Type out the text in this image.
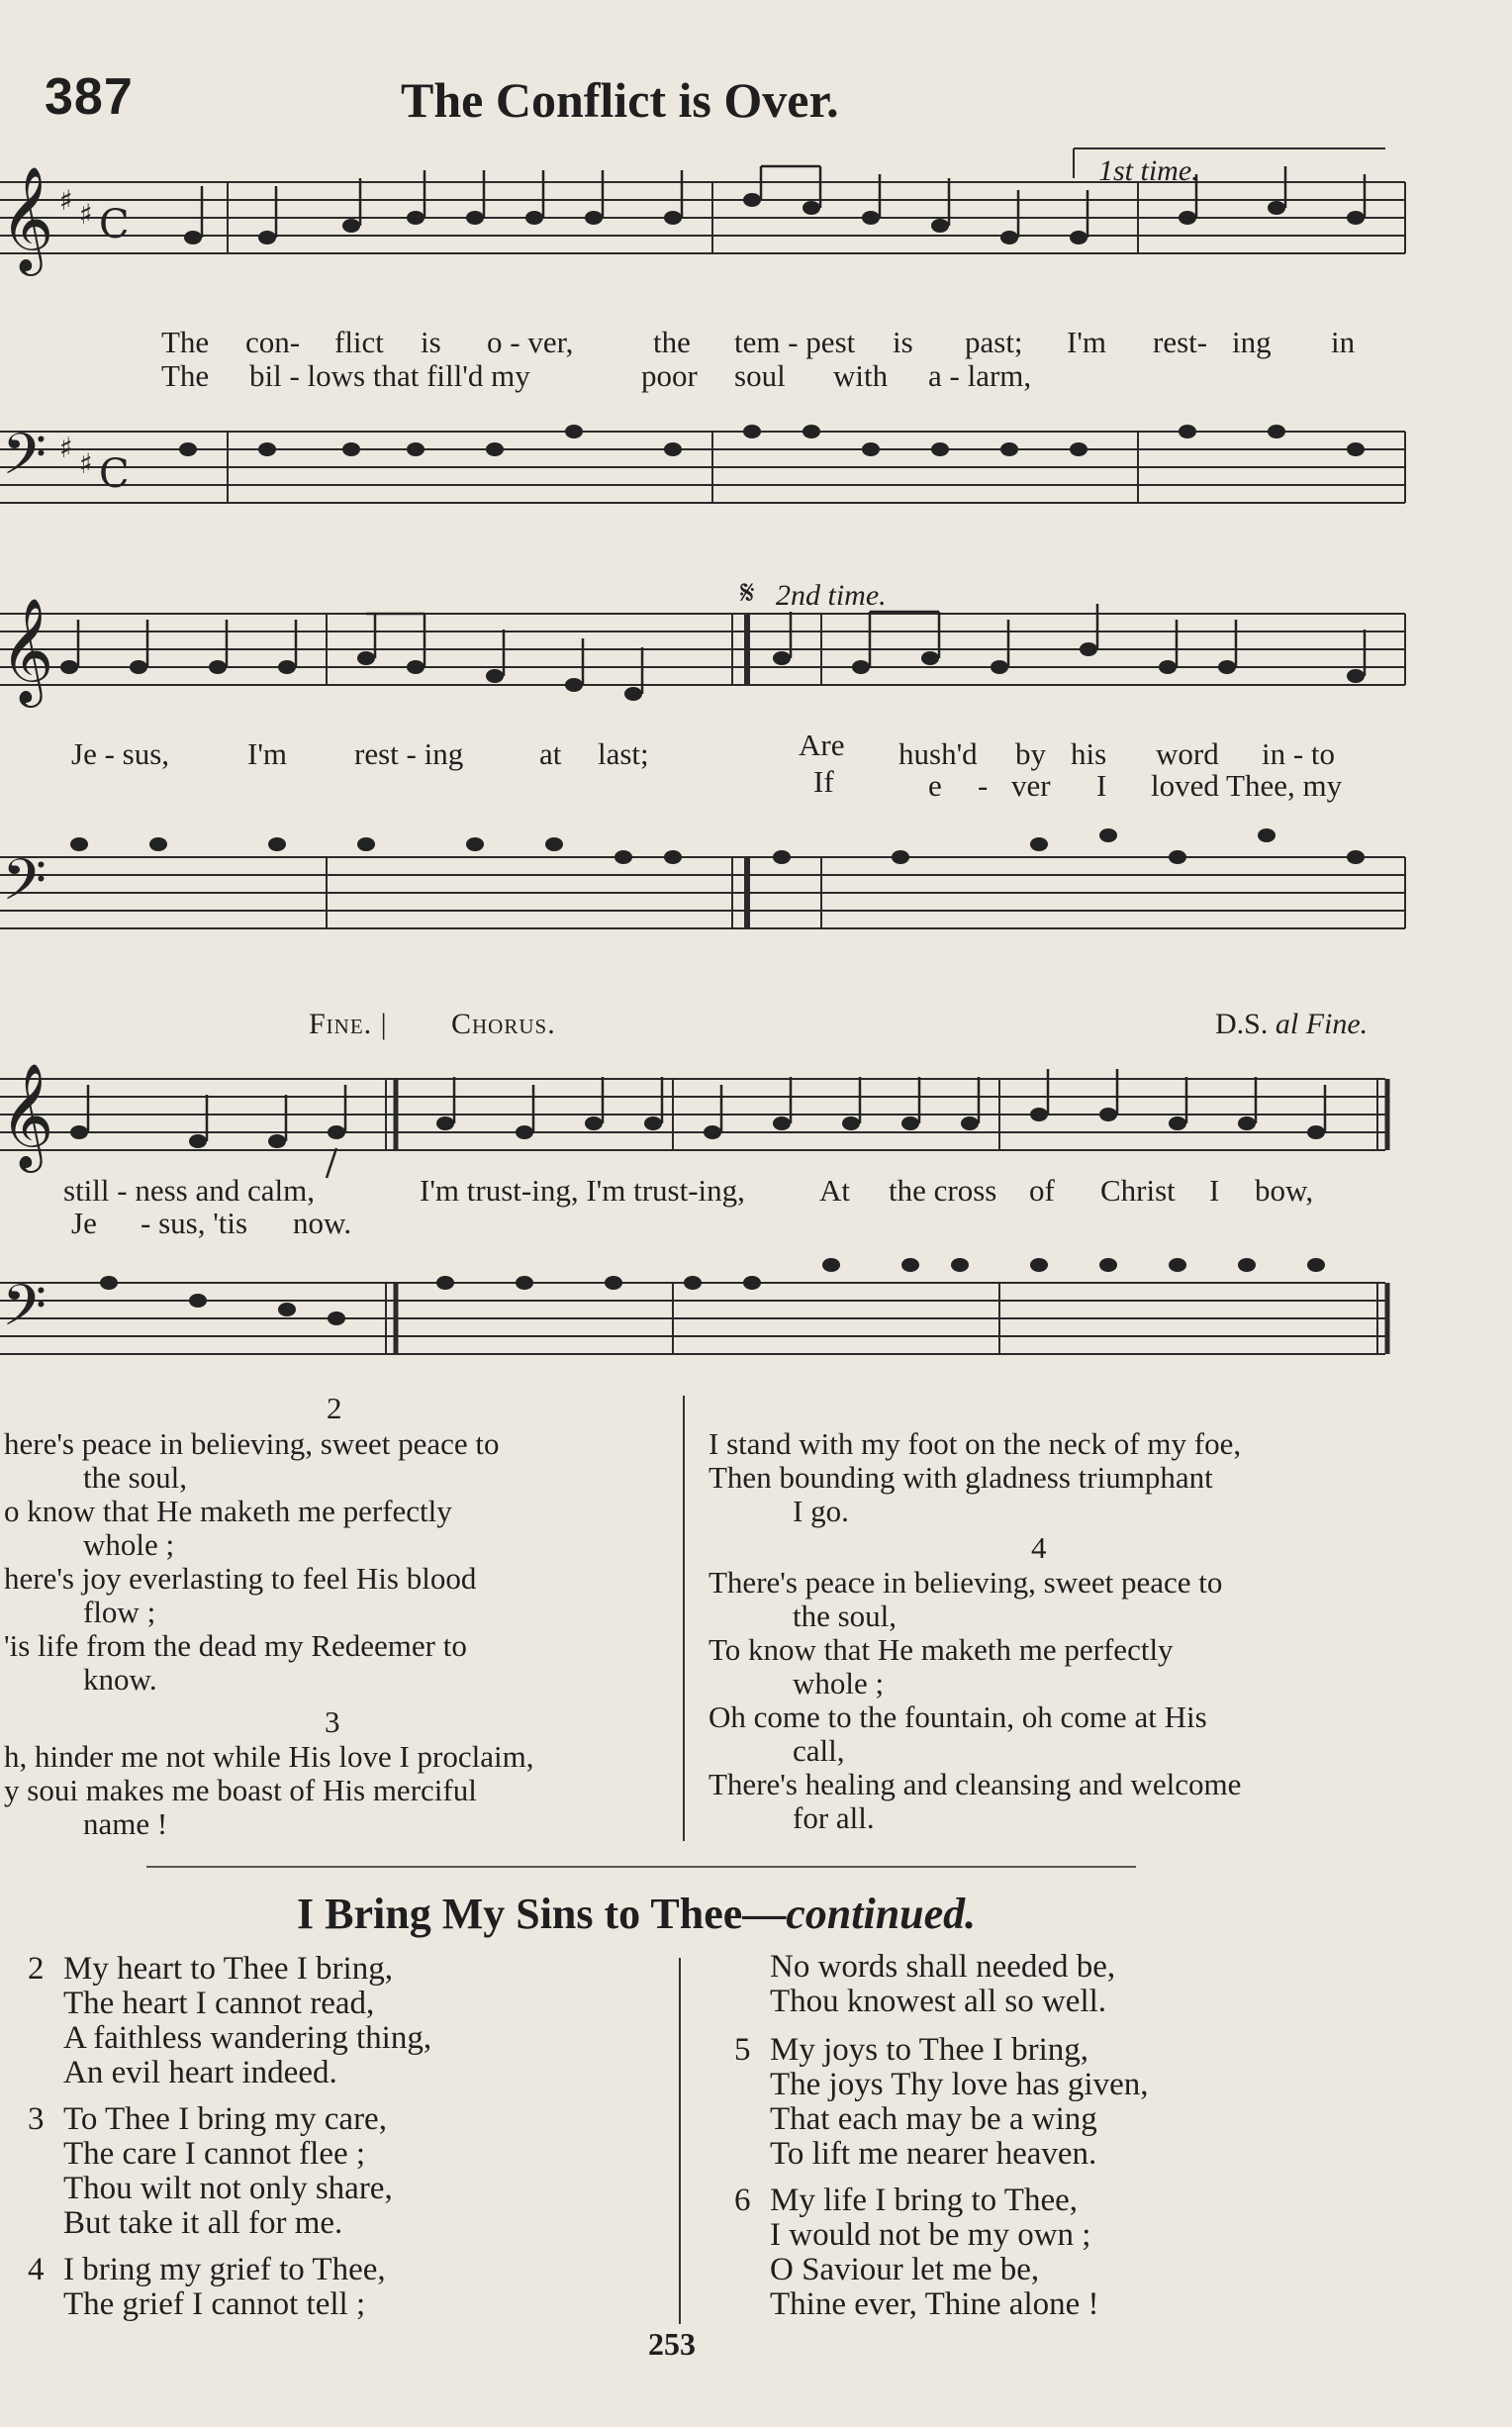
387	The Conflict is Over.
𝄞 ♯ ♯ C
𝄢 ♯ ♯ C
1st time.
The con- flict is o - ver,	the tem - pest is past; I'm rest- ing in
The bil - lows that fill'd my	poor soul with a - larm,
𝄞
𝄢
𝄋 2nd time.
Je - sus,	I'm rest - ing at last;	Are hush'd by his word in - to
If	e - ver I loved Thee, my
Fine. | Chorus.	D.S. al Fine.
𝄞
𝄢
still - ness and calm,	I'm trust-ing, I'm trust-ing, At the cross of Christ I bow,
Je - sus, 'tis now.
2
here's peace in believing, sweet peace to
the soul,
o know that He maketh me perfectly
whole ;
here's joy everlasting to feel His blood
flow ;
'is life from the dead my Redeemer to
know.
3
h, hinder me not while His love I proclaim,
y soui makes me boast of His merciful
name !
I stand with my foot on the neck of my foe,
Then bounding with gladness triumphant
I go.
4
There's peace in believing, sweet peace to
the soul,
To know that He maketh me perfectly
whole ;
Oh come to the fountain, oh come at His
call,
There's healing and cleansing and welcome
for all.
I Bring My Sins to Thee—continued.
2 My heart to Thee I bring,
The heart I cannot read,
A faithless wandering thing,
An evil heart indeed.
3 To Thee I bring my care,
The care I cannot flee ;
Thou wilt not only share,
But take it all for me.
4 I bring my grief to Thee,
The grief I cannot tell ;
No words shall needed be,
Thou knowest all so well.
5 My joys to Thee I bring,
The joys Thy love has given,
That each may be a wing
To lift me nearer heaven.
6 My life I bring to Thee,
I would not be my own ;
O Saviour let me be,
Thine ever, Thine alone !
253
